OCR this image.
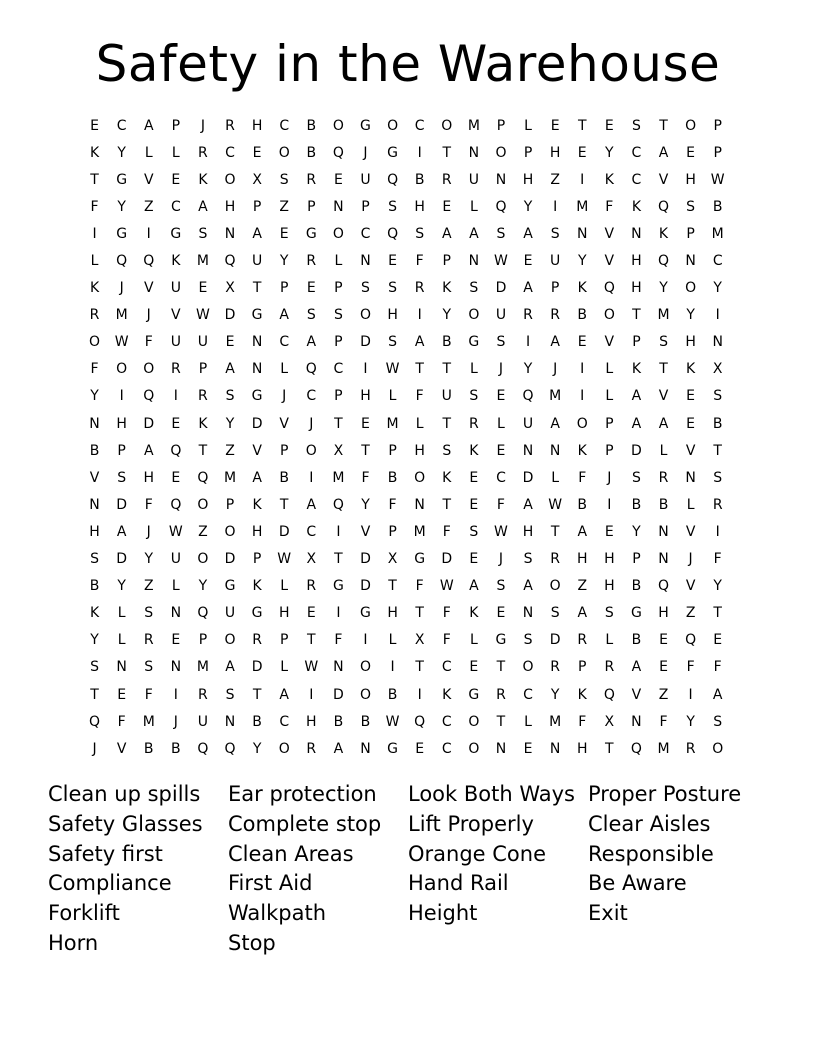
Safety in the Warehouse
E	C	A	P	J	R	H	C	B	O	G	O	C	O	M	P	L	E	T	E	S	T	O	P
K	Y	L	L	R	C	E	O	B	Q	J	G	I	T	N	O	P	H	E	Y	C	A	E	P
T	G	V	E	K	O	X	S	R	E	U	Q	B	R	U	N	H	Z	I	K	C	V	H	W
F	Y	Z	C	A	H	P	Z	P	N	P	S	H	E	L	Q	Y	I	M	F	K	Q	S	B
I	G	I	G	S	N	A	E	G	O	C	Q	S	A	A	S	A	S	N	V	N	K	P	M
L	Q	Q	K	M	Q	U	Y	R	L	N	E	F	P	N	W	E	U	Y	V	H	Q	N	C
K	J	V	U	E	X	T	P	E	P	S	S	R	K	S	D	A	P	K	Q	H	Y	O	Y
R	M	J	V	W	D	G	A	S	S	O	H	I	Y	O	U	R	R	B	O	T	M	Y	I
O	W	F	U	U	E	N	C	A	P	D	S	A	B	G	S	I	A	E	V	P	S	H	N
F	O	O	R	P	A	N	L	Q	C	I	W	T	T	L	J	Y	J	I	L	K	T	K	X
Y	I	Q	I	R	S	G	J	C	P	H	L	F	U	S	E	Q	M	I	L	A	V	E	S
N	H	D	E	K	Y	D	V	J	T	E	M	L	T	R	L	U	A	O	P	A	A	E	B
B	P	A	Q	T	Z	V	P	O	X	T	P	H	S	K	E	N	N	K	P	D	L	V	T
V	S	H	E	Q	M	A	B	I	M	F	B	O	K	E	C	D	L	F	J	S	R	N	S
N	D	F	Q	O	P	K	T	A	Q	Y	F	N	T	E	F	A	W	B	I	B	B	L	R
H	A	J	W	Z	O	H	D	C	I	V	P	M	F	S	W	H	T	A	E	Y	N	V	I
S	D	Y	U	O	D	P	W	X	T	D	X	G	D	E	J	S	R	H	H	P	N	J	F
B	Y	Z	L	Y	G	K	L	R	G	D	T	F	W	A	S	A	O	Z	H	B	Q	V	Y
K	L	S	N	Q	U	G	H	E	I	G	H	T	F	K	E	N	S	A	S	G	H	Z	T
Y	L	R	E	P	O	R	P	T	F	I	L	X	F	L	G	S	D	R	L	B	E	Q	E
S	N	S	N	M	A	D	L	W	N	O	I	T	C	E	T	O	R	P	R	A	E	F	F
T	E	F	I	R	S	T	A	I	D	O	B	I	K	G	R	C	Y	K	Q	V	Z	I	A
Q	F	M	J	U	N	B	C	H	B	B	W	Q	C	O	T	L	M	F	X	N	F	Y	S
J	V	B	B	Q	Q	Y	O	R	A	N	G	E	C	O	N	E	N	H	T	Q	M	R	O
Clean up spills
Safety Glasses
Safety first
Compliance
Forklift
Horn
Ear protection
Complete stop
Clean Areas
First Aid
Walkpath
Stop
Look Both Ways
Lift Properly
Orange Cone
Hand Rail
Height
Proper Posture
Clear Aisles
Responsible
Be Aware
Exit
